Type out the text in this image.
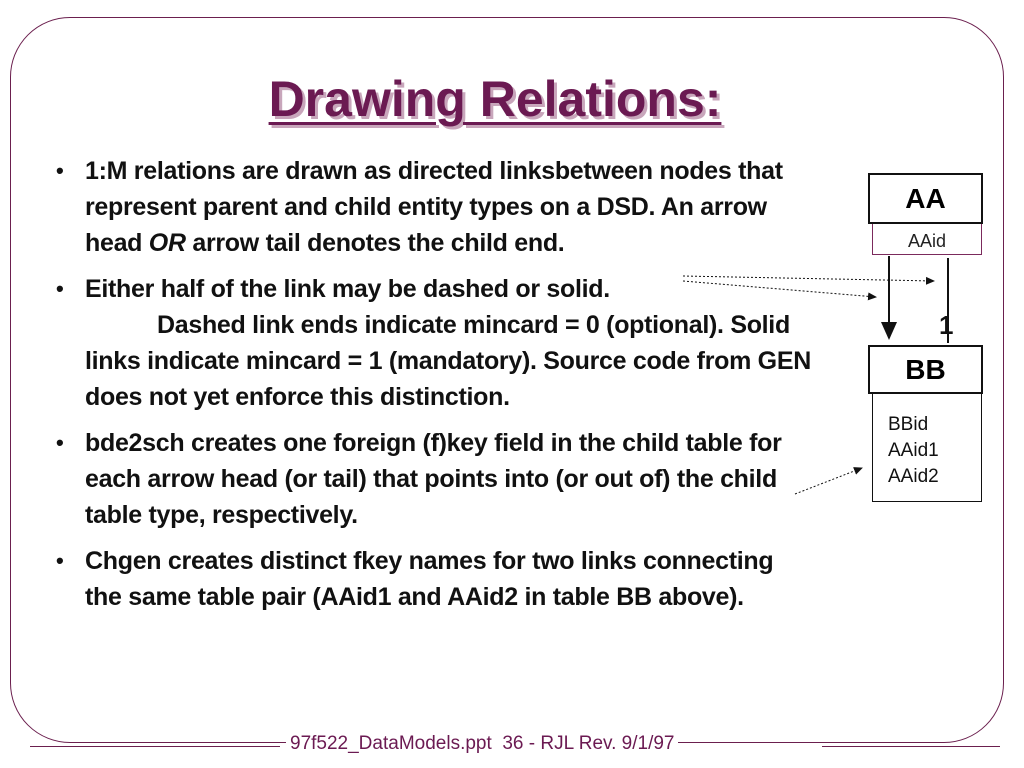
Drawing Relations:
• 1:M relations are drawn as directed linksbetween nodes that represent parent and child entity types on a DSD. An arrow head OR arrow tail denotes the child end.
• Either half of the link may be dashed or solid.
Dashed link ends indicate mincard = 0 (optional). Solid links indicate mincard = 1 (mandatory). Source code from GEN does not yet enforce this distinction.
• bde2sch creates one foreign (f)key field in the child table for each arrow head (or tail) that points into (or out of) the child table type, respectively.
• Chgen creates distinct fkey names for two links connecting the same table pair (AAid1 and AAid2 in table BB above).
AA
AAid
1
BB
BBid
AAid1
AAid2
97f522_DataModels.ppt 36 - RJL Rev. 9/1/97
